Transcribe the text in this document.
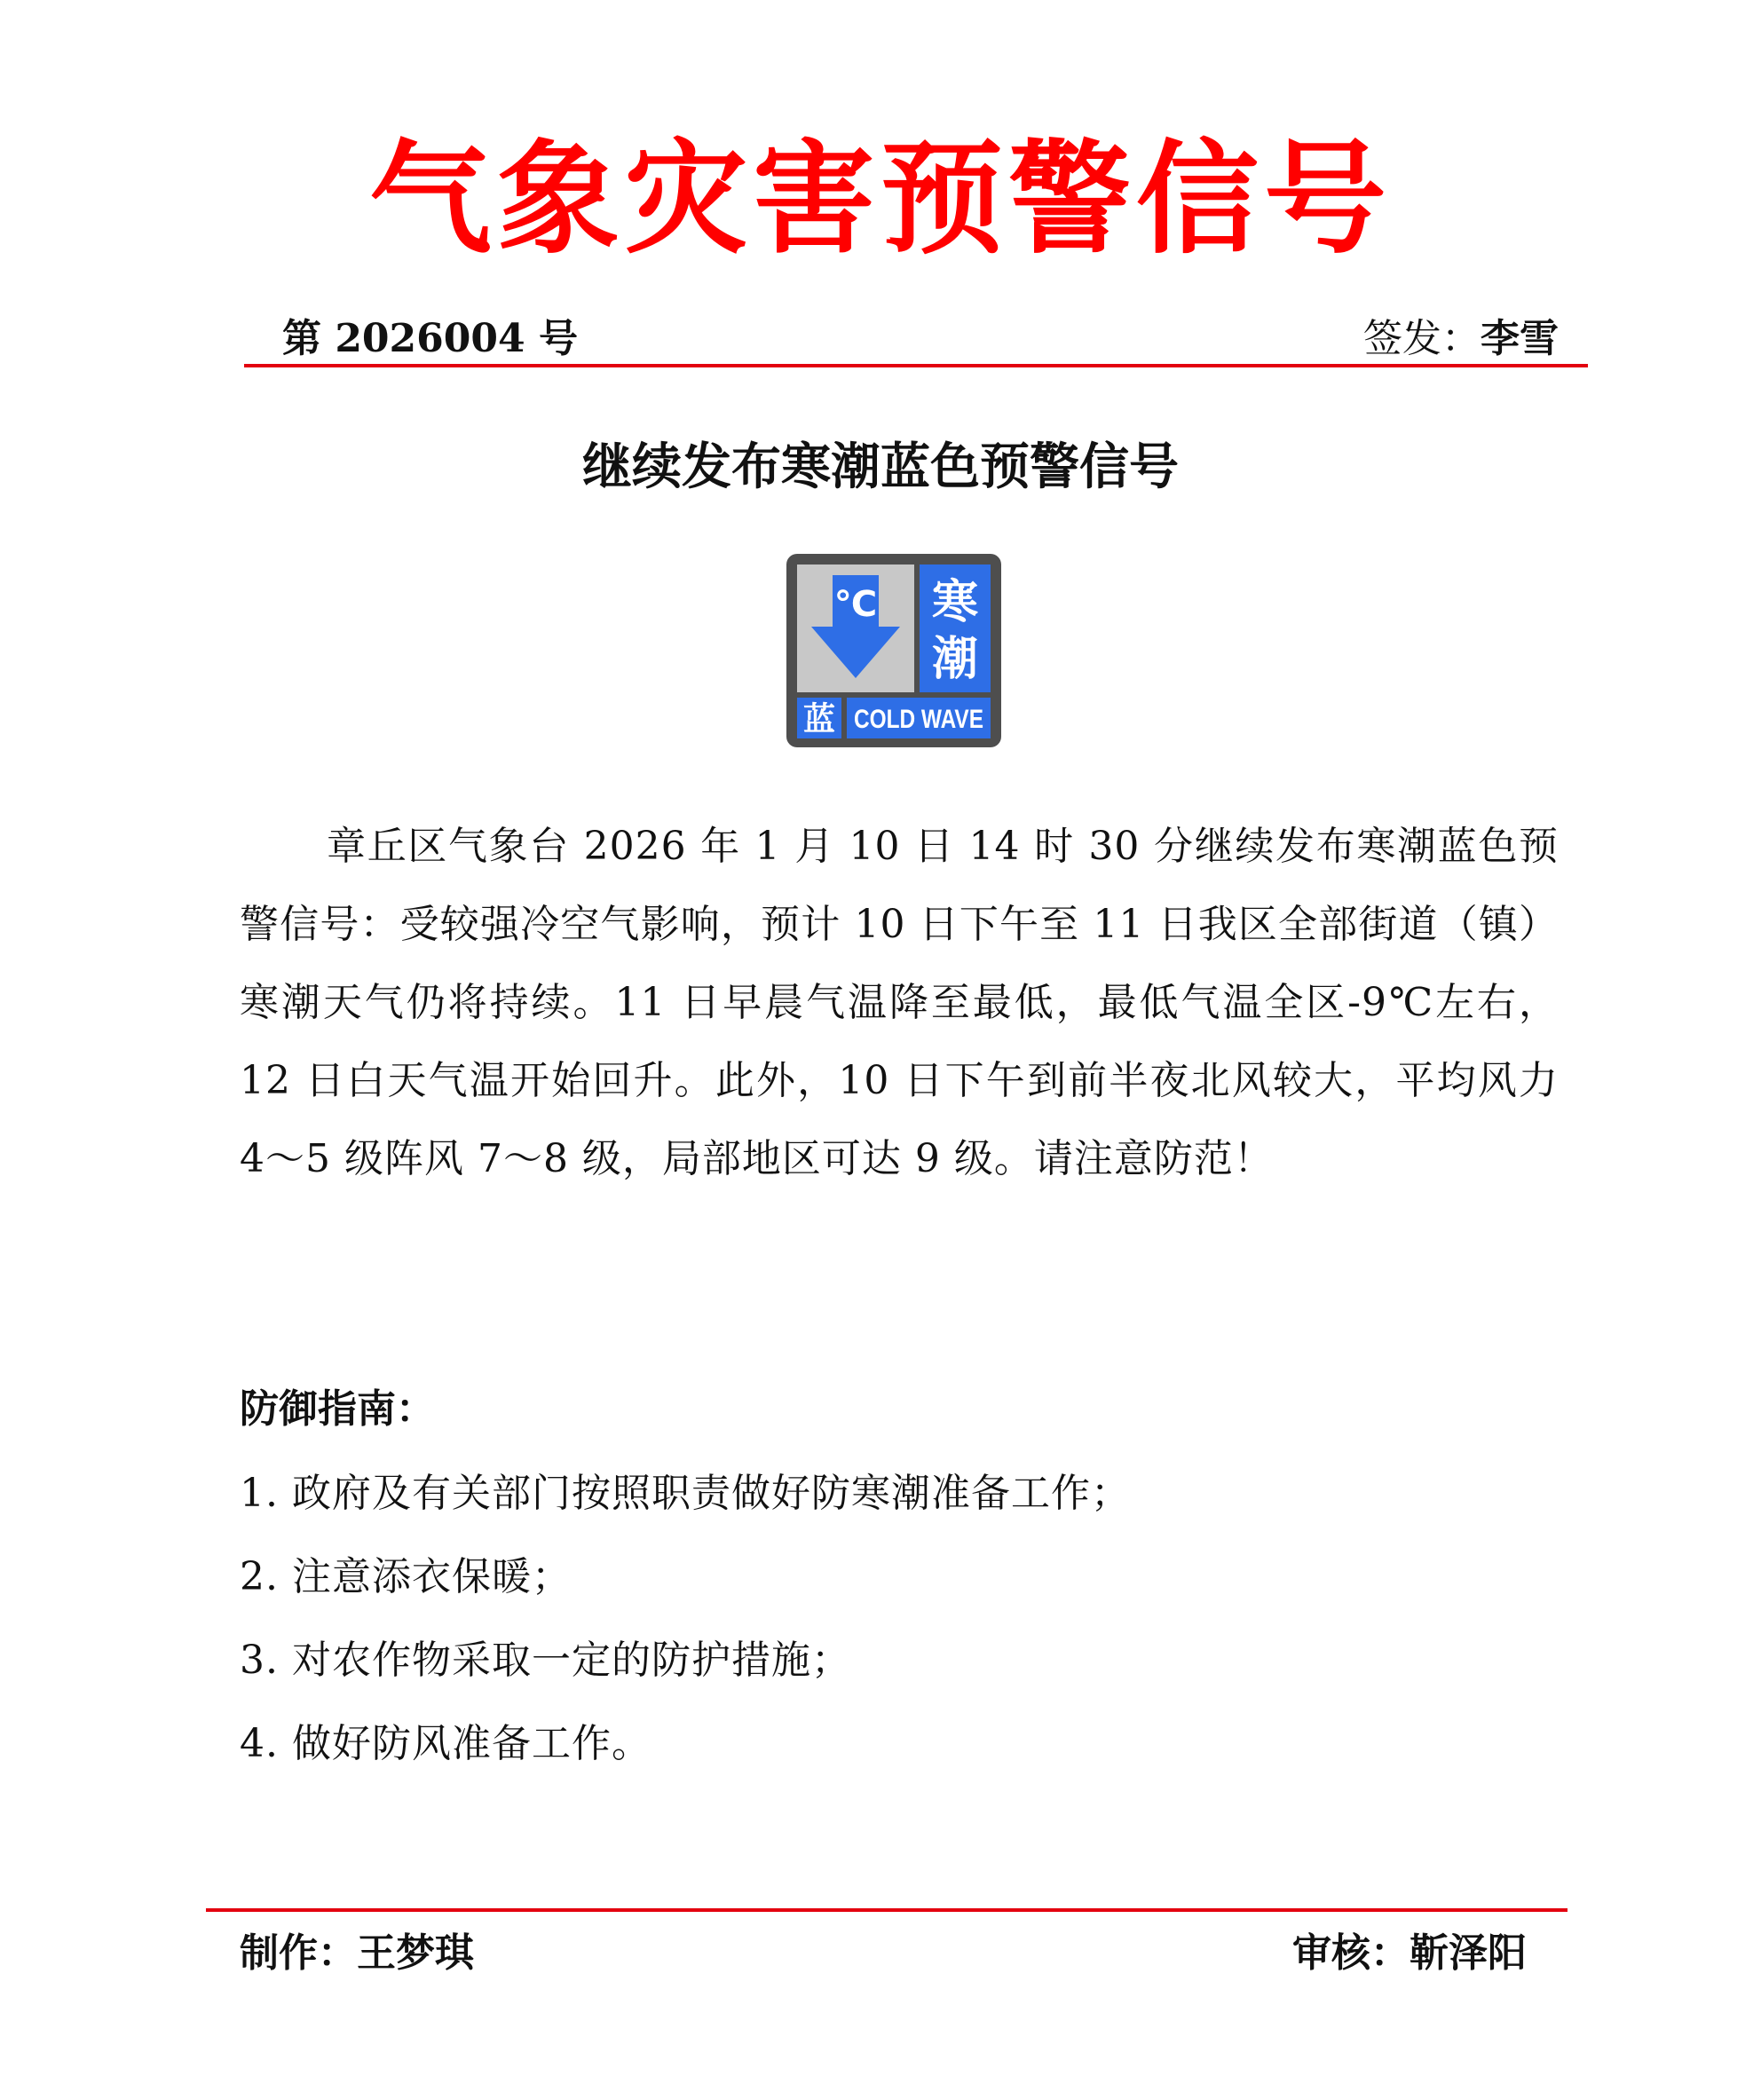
气象灾害预警信号
第 2026004 号	签发：李雪
继续发布寒潮蓝色预警信号
℃ 寒
潮
蓝 COLD WAVE
章丘区气象台 2026 年 1 月 10 日 14 时 30 分继续发布寒潮蓝色预警信号：受较强冷空气影响，预计 10 日下午至 11 日我区全部街道（镇）寒潮天气仍将持续。11 日早晨气温降至最低，最低气温全区-9℃左右，12 日白天气温开始回升。此外，10 日下午到前半夜北风较大，平均风力 4～5 级阵风 7～8 级，局部地区可达 9 级。请注意防范！
防御指南：
1. 政府及有关部门按照职责做好防寒潮准备工作；
2. 注意添衣保暖；
3. 对农作物采取一定的防护措施；
4. 做好防风准备工作。
制作：王梦琪	审核：靳泽阳
